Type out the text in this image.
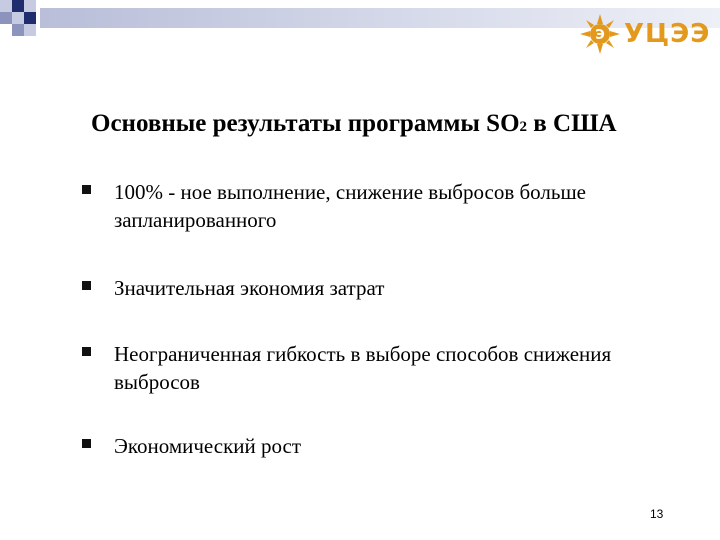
Э УЦЭЭ
Основные результаты программы SO2 в США
100% - ное выполнение, снижение выбросов больше запланированного
Значительная экономия затрат
Неограниченная гибкость в выборе способов снижения выбросов
Экономический рост
13
